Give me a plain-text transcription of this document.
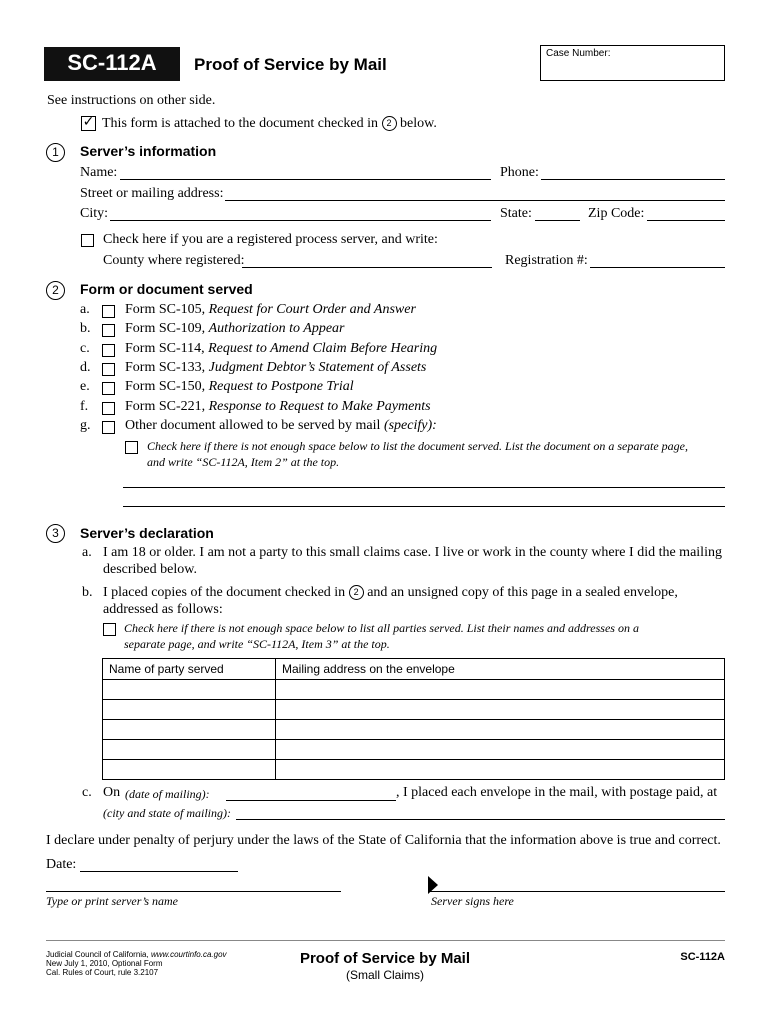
SC-112A	Proof of Service by Mail
Case Number:
See instructions on other side.
✓ This form is attached to the document checked in 2 below.
1	Server’s information
Name:	Phone:
Street or mailing address:
City:	State:	Zip Code:
Check here if you are a registered process server, and write:
County where registered:	Registration #:
2	Form or document served
a.	Form SC-105, Request for Court Order and Answer
b. Form SC-109, Authorization to Appear
c.	Form SC-114, Request to Amend Claim Before Hearing
d. Form SC-133, Judgment Debtor’s Statement of Assets
e.	Form SC-150, Request to Postpone Trial
f.	Form SC-221, Response to Request to Make Payments
g. Other document allowed to be served by mail (specify):
Check here if there is not enough space below to list the document served. List the document on a separate page,
and write “SC-112A, Item 2” at the top.
3	Server’s declaration
a. I am 18 or older. I am not a party to this small claims case. I live or work in the county where I did the mailing
described below.
b. I placed copies of the document checked in 2 and an unsigned copy of this page in a sealed envelope,
addressed as follows:
Check here if there is not enough space below to list all parties served. List their names and addresses on a
separate page, and write “SC-112A, Item 3” at the top.
Name of party served	Mailing address on the envelope

c. On (date of mailing):	, I placed each envelope in the mail, with postage paid, at
(city and state of mailing):
I declare under penalty of perjury under the laws of the State of California that the information above is true and correct.
Date:
Type or print server’s name	Server signs here
Judicial Council of California, www.courtinfo.ca.gov
New July 1, 2010, Optional Form
Cal. Rules of Court, rule 3.2107
Proof of Service by Mail
(Small Claims)
SC-112A
